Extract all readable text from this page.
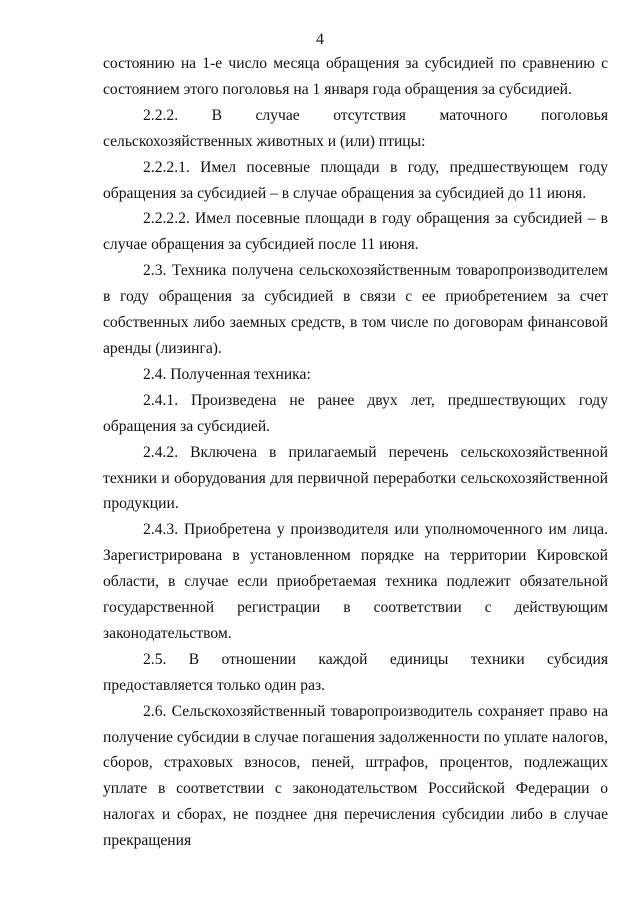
4

состоянию на 1-е число месяца обращения за субсидией по сравнению с состоянием этого поголовья на 1 января года обращения за субсидией.

2.2.2. В случае отсутствия маточного поголовья сельскохозяйственных животных и (или) птицы:

2.2.2.1. Имел посевные площади в году, предшествующем году обращения за субсидией – в случае обращения за субсидией до 11 июня.

2.2.2.2. Имел посевные площади в году обращения за субсидией – в случае обращения за субсидией после 11 июня.

2.3. Техника получена сельскохозяйственным товаропроизводителем в году обращения за субсидией в связи с ее приобретением за счет собственных либо заемных средств, в том числе по договорам финансовой аренды (лизинга).

2.4. Полученная техника:

2.4.1. Произведена не ранее двух лет, предшествующих году обращения за субсидией.

2.4.2. Включена в прилагаемый перечень сельскохозяйственной техники и оборудования для первичной переработки сельскохозяйственной продукции.

2.4.3. Приобретена у производителя или уполномоченного им лица. Зарегистрирована в установленном порядке на территории Кировской области, в случае если приобретаемая техника подлежит обязательной государственной регистрации в соответствии с действующим законодательством.

2.5. В отношении каждой единицы техники субсидия предоставляется только один раз.

2.6. Сельскохозяйственный товаропроизводитель сохраняет право на получение субсидии в случае погашения задолженности по уплате налогов, сборов, страховых взносов, пеней, штрафов, процентов, подлежащих уплате в соответствии с законодательством Российской Федерации о налогах и сборах, не позднее дня перечисления субсидии либо в случае прекращения
